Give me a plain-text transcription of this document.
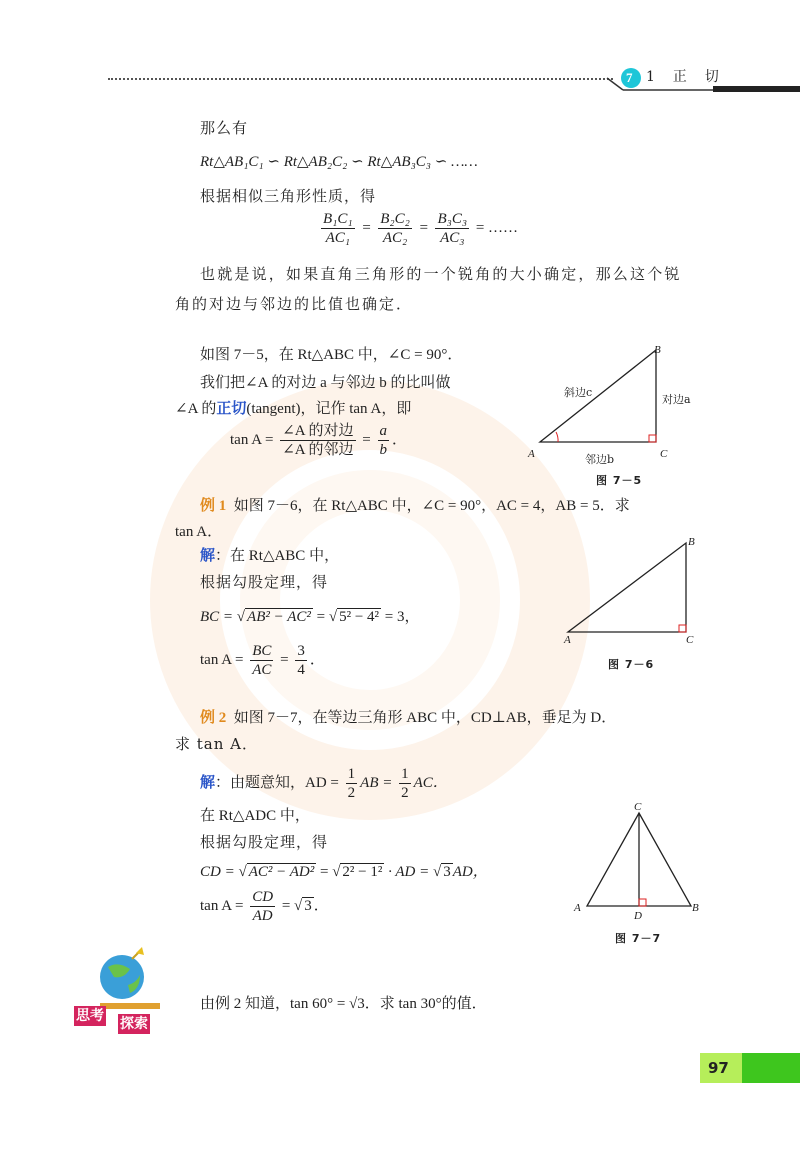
7 1  正  切
那么有
Rt△AB₁C₁ ∽ Rt△AB₂C₂ ∽ Rt△AB₃C₃ ∽ ……
根据相似三角形性质，得
$\frac{\text{B₁C₁}}{\text{AC₁}} = \frac{\text{B₂C₂}}{\text{AC₂}} = \frac{\text{B₃C₃}}{\text{AC₃}}$ = ……
也就是说，如果直角三角形的一个锐角的大小确定，那么这个锐
角的对边与邻边的比值也确定．
如图 7－5，在 Rt△ABC 中，∠C = 90°．
我们把∠A 的对边 a 与邻边 b 的比叫做
∠A 的正切(tangent)，记作 tan A，即
$\tan A = \frac{\text{∠A 的对边}}{\text{∠A 的邻边}} = \frac{a}{b}$ ．
A
B
C
斜边c
对边a
邻边b
图 7－5
例 1 如图 7－6，在 Rt△ABC 中，∠C = 90°，AC = 4，AB = 5．求
tan A．
解：在 Rt△ABC 中，
根据勾股定理，得
BC = √ AB² − AC² = √ 5² − 4² = 3，
$\tan A = \frac{BC}{AC} = \frac{3}{4}$ ．
A
B
C
图 7－6
例 2 如图 7－7，在等边三角形 ABC 中，CD⊥AB，垂足为 D．
求 tan A．
解：由题意知，AD = $\frac{1}{2}$ AB = $\frac{1}{2}$ AC．
在 Rt△ADC 中，
根据勾股定理，得
CD = √ AC² − AD² = √ 2² − 1² · AD = √ 3 AD，
$\tan A = \frac{CD}{AD}$ = √ 3 ．	A	B
C
D
图 7－7
思考 探索
由例 2 知道，tan 60° = √3．求 tan 30°的值．
97
